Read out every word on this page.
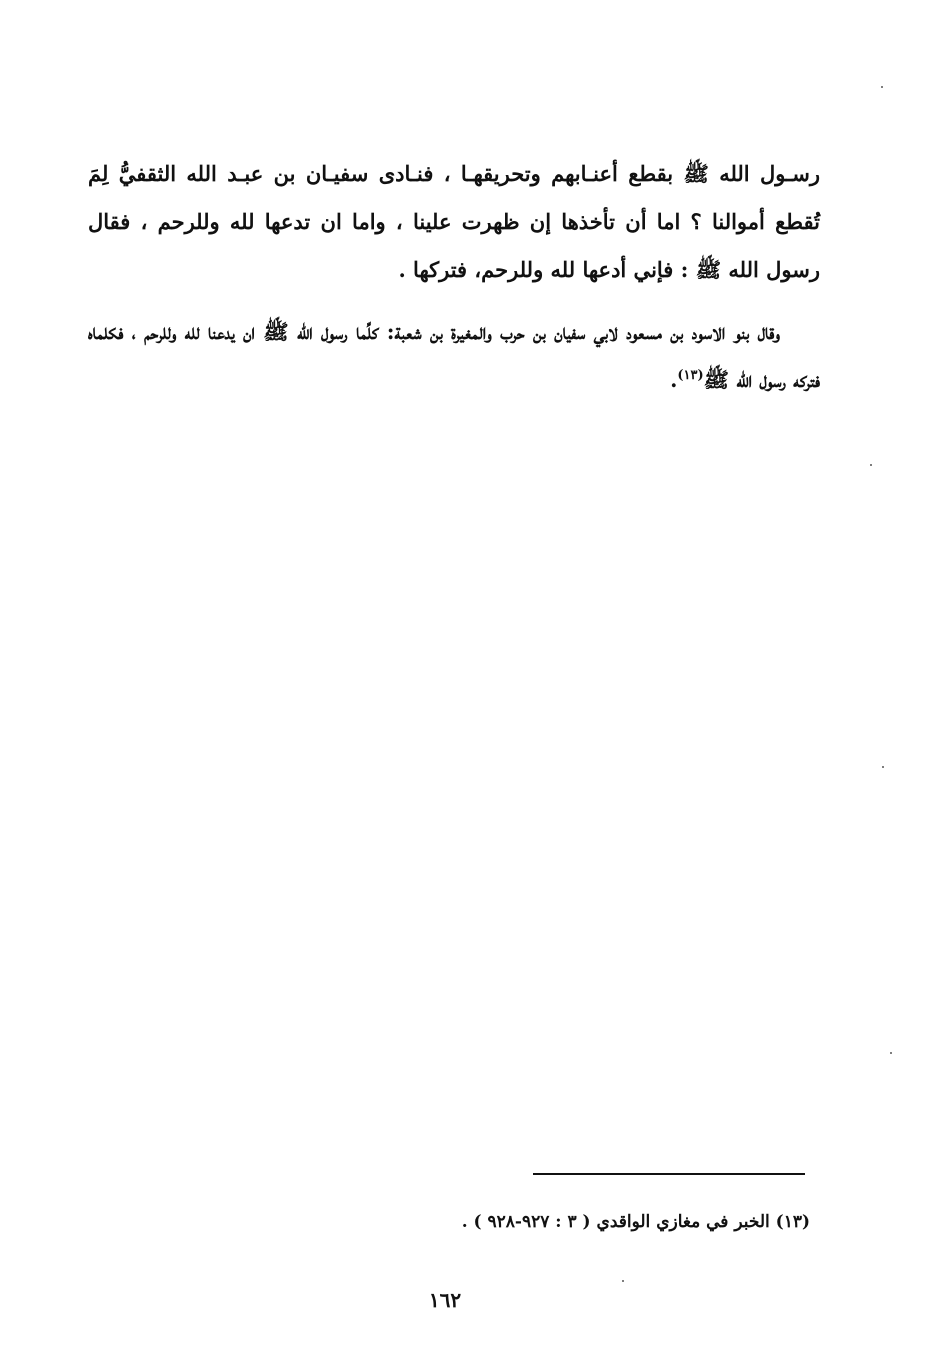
رسـول الله ﷺ بقطع أعنـابهم وتحريقهـا ، فنـادى سفيـان بن عبـد الله الثقفيُّ لِمَ تُقطع أموالنا ؟ اما أن تأخذها إن ظهرت علينا ، واما ان تدعها لله وللرحم ، فقال رسول الله ﷺ : فإني أدعها لله وللرحم، فتركها .

وقال بنو الاسود بن مسعود لابي سفيان بن حرب والمغيرة بن شعبة: كلِّما رسول الله ﷺ ان يدعنا لله وللرحم ، فكلماه فتركه رسول الله ﷺ$^{(١٣)}$.

(١٣) الخبر في مغازي الواقدي ( ٣ : ٩٢٧-٩٢٨ ) .
١٦٢
